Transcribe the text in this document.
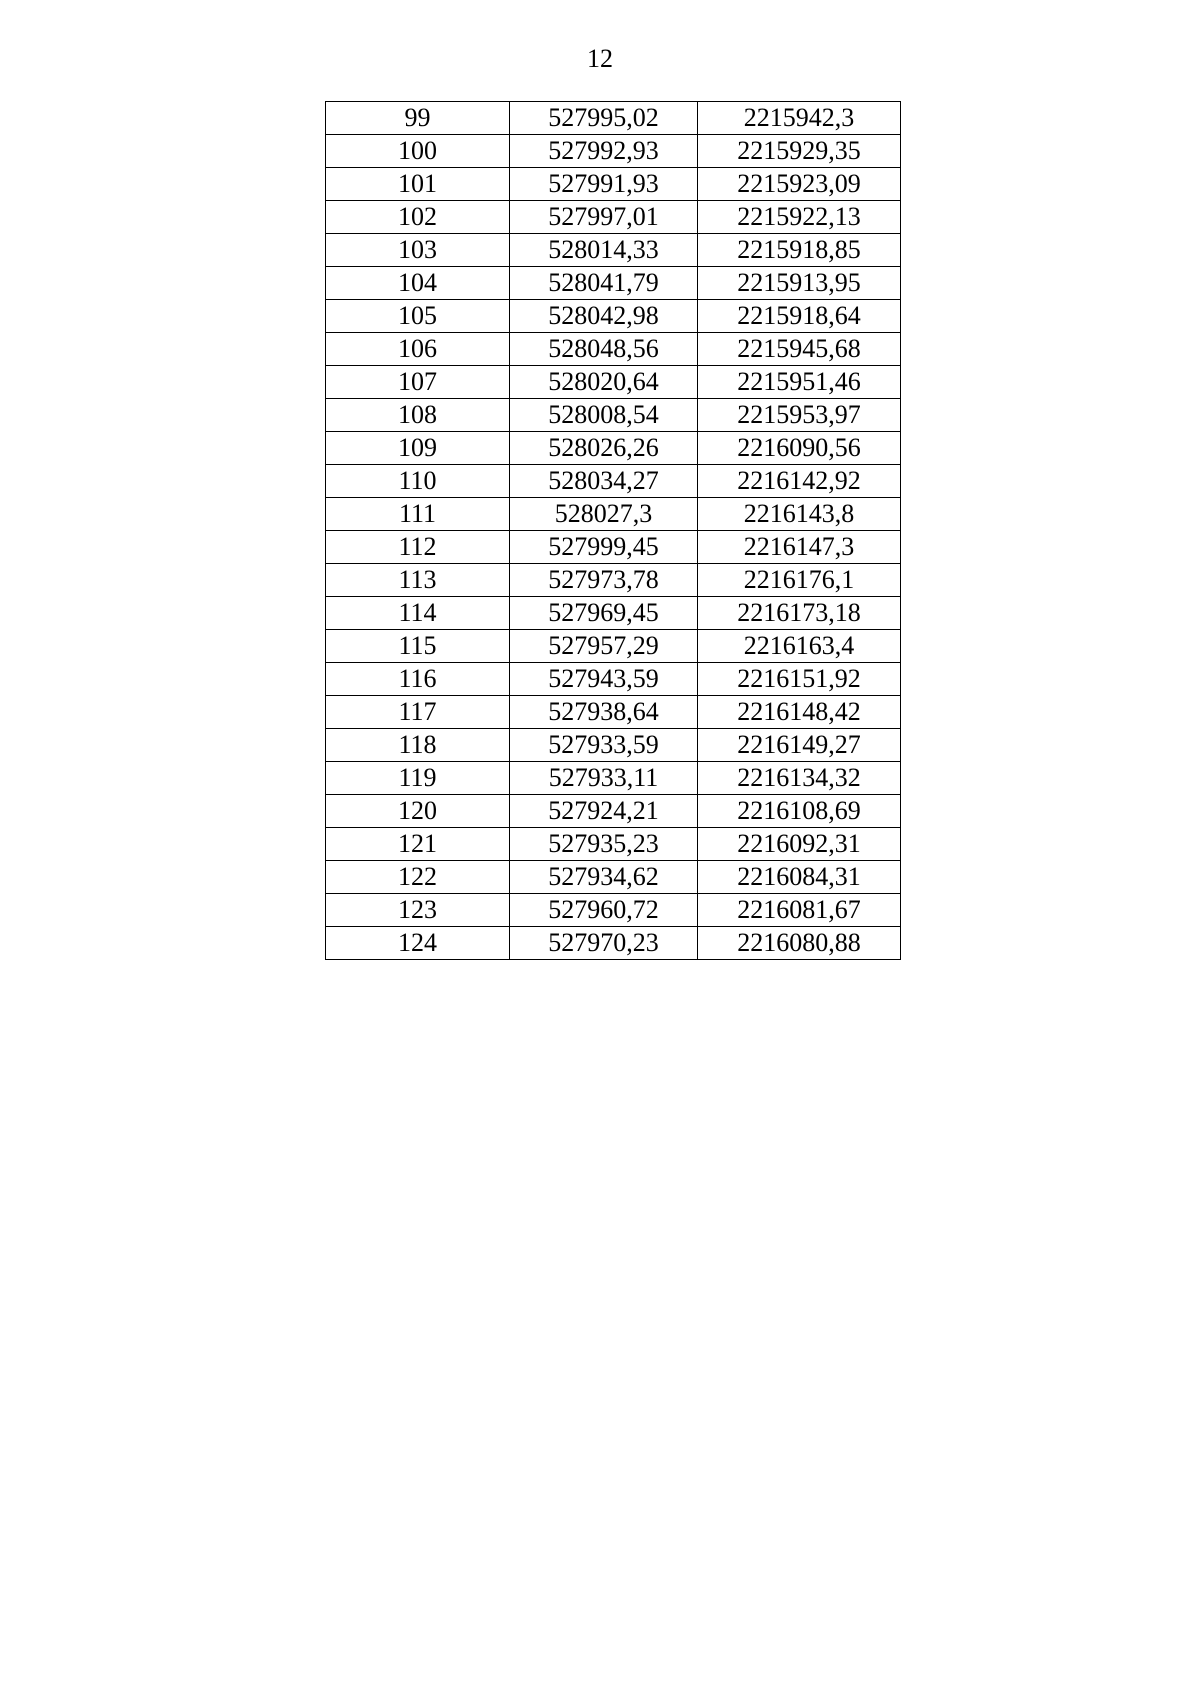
12
99	527995,02	2215942,3
100	527992,93	2215929,35
101	527991,93	2215923,09
102	527997,01	2215922,13
103	528014,33	2215918,85
104	528041,79	2215913,95
105	528042,98	2215918,64
106	528048,56	2215945,68
107	528020,64	2215951,46
108	528008,54	2215953,97
109	528026,26	2216090,56
110	528034,27	2216142,92
111	528027,3	2216143,8
112	527999,45	2216147,3
113	527973,78	2216176,1
114	527969,45	2216173,18
115	527957,29	2216163,4
116	527943,59	2216151,92
117	527938,64	2216148,42
118	527933,59	2216149,27
119	527933,11	2216134,32
120	527924,21	2216108,69
121	527935,23	2216092,31
122	527934,62	2216084,31
123	527960,72	2216081,67
124	527970,23	2216080,88
